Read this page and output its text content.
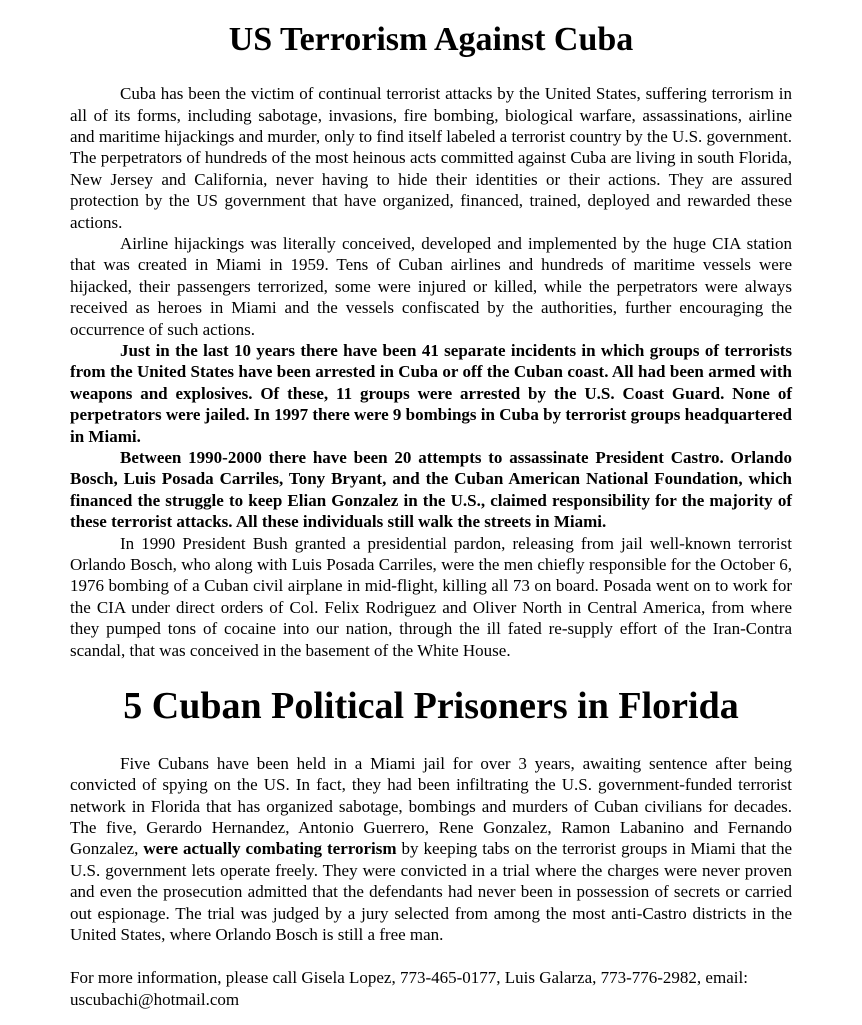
US Terrorism Against Cuba

Cuba has been the victim of continual terrorist attacks by the United States, suffering terrorism in all of its forms, including sabotage, invasions, fire bombing, biological warfare, assassinations, airline and maritime hijackings and murder, only to find itself labeled a terrorist country by the U.S. government. The perpetrators of hundreds of the most heinous acts committed against Cuba are living in south Florida, New Jersey and California, never having to hide their identities or their actions. They are assured protection by the US government that have organized, financed, trained, deployed and rewarded these actions.

Airline hijackings was literally conceived, developed and implemented by the huge CIA station that was created in Miami in 1959. Tens of Cuban airlines and hundreds of maritime vessels were hijacked, their passengers terrorized, some were injured or killed, while the perpetrators were always received as heroes in Miami and the vessels confiscated by the authorities, further encouraging the occurrence of such actions.

Just in the last 10 years there have been 41 separate incidents in which groups of terrorists from the United States have been arrested in Cuba or off the Cuban coast. All had been armed with weapons and explosives. Of these, 11 groups were arrested by the U.S. Coast Guard. None of perpetrators were jailed. In 1997 there were 9 bombings in Cuba by terrorist groups headquartered in Miami.

Between 1990-2000 there have been 20 attempts to assassinate President Castro. Orlando Bosch, Luis Posada Carriles, Tony Bryant, and the Cuban American National Foundation, which financed the struggle to keep Elian Gonzalez in the U.S., claimed responsibility for the majority of these terrorist attacks. All these individuals still walk the streets in Miami.

In 1990 President Bush granted a presidential pardon, releasing from jail well-known terrorist Orlando Bosch, who along with Luis Posada Carriles, were the men chiefly responsible for the October 6, 1976 bombing of a Cuban civil airplane in mid-flight, killing all 73 on board. Posada went on to work for the CIA under direct orders of Col. Felix Rodriguez and Oliver North in Central America, from where they pumped tons of cocaine into our nation, through the ill fated re-supply effort of the Iran-Contra scandal, that was conceived in the basement of the White House.

5 Cuban Political Prisoners in Florida

Five Cubans have been held in a Miami jail for over 3 years, awaiting sentence after being convicted of spying on the US. In fact, they had been infiltrating the U.S. government-funded terrorist network in Florida that has organized sabotage, bombings and murders of Cuban civilians for decades. The five, Gerardo Hernandez, Antonio Guerrero, Rene Gonzalez, Ramon Labanino and Fernando Gonzalez, were actually combating terrorism by keeping tabs on the terrorist groups in Miami that the U.S. government lets operate freely. They were convicted in a trial where the charges were never proven and even the prosecution admitted that the defendants had never been in possession of secrets or carried out espionage. The trial was judged by a jury selected from among the most anti-Castro districts in the United States, where Orlando Bosch is still a free man.

For more information, please call Gisela Lopez, 773-465-0177, Luis Galarza, 773-776-2982, email: uscubachi@hotmail.com
